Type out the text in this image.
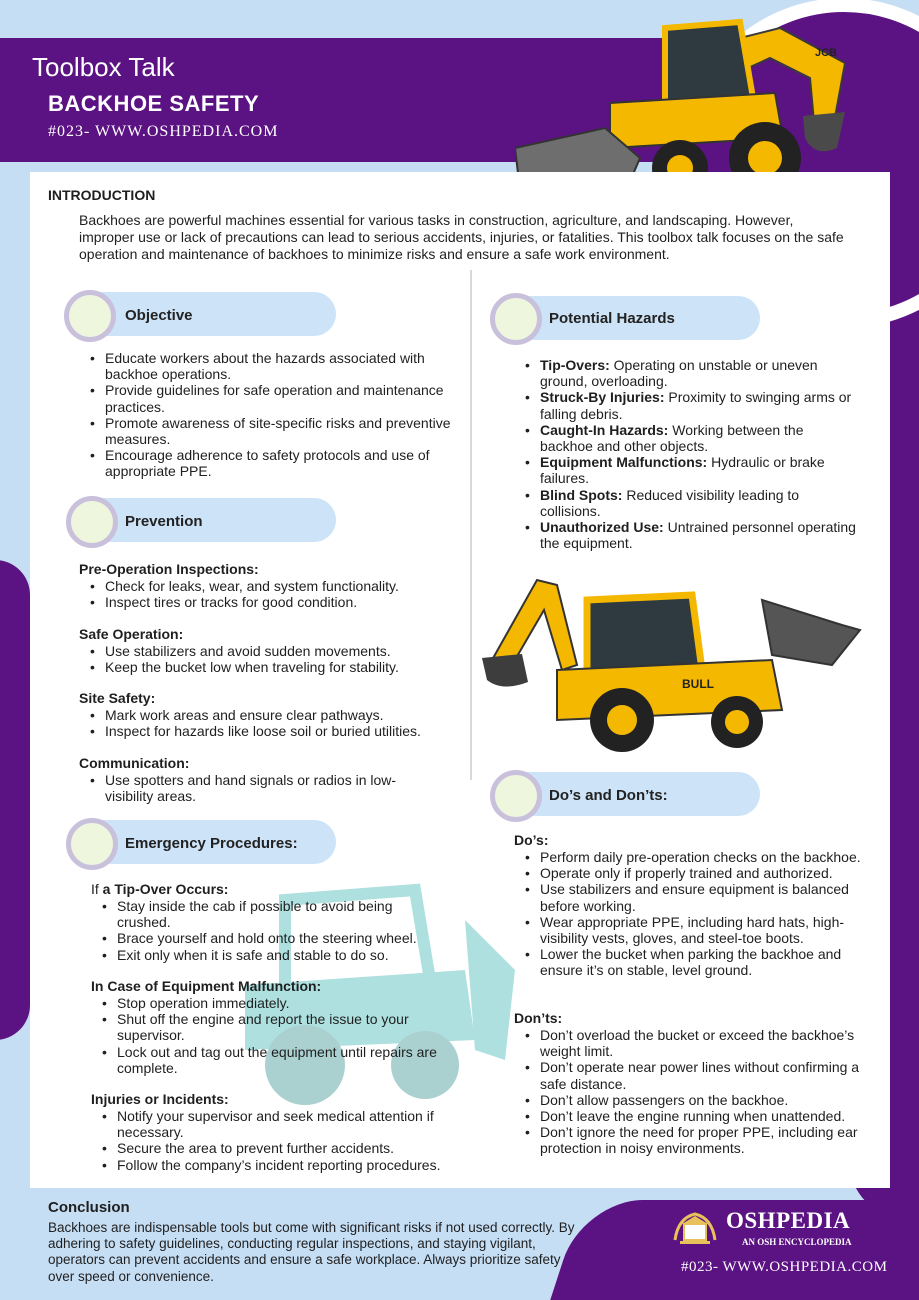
Toolbox Talk
BACKHOE SAFETY
#023- WWW.OSHPEDIA.COM
JCB
INTRODUCTION
Backhoes are powerful machines essential for various tasks in construction, agriculture, and landscaping. However, improper use or lack of precautions can lead to serious accidents, injuries, or fatalities. This toolbox talk focuses on the safe operation and maintenance of backhoes to minimize risks and ensure a safe work environment.
Objective
• Educate workers about the hazards associated with backhoe operations.
• Provide guidelines for safe operation and maintenance practices.
• Promote awareness of site-specific risks and preventive measures.
• Encourage adherence to safety protocols and use of appropriate PPE.
Potential Hazards
• Tip-Overs: Operating on unstable or uneven ground, overloading.
• Struck-By Injuries: Proximity to swinging arms or falling debris.
• Caught-In Hazards: Working between the backhoe and other objects.
• Equipment Malfunctions: Hydraulic or brake failures.
• Blind Spots: Reduced visibility leading to collisions.
• Unauthorized Use: Untrained personnel operating the equipment.
BULL
Prevention
Pre-Operation Inspections:
• Check for leaks, wear, and system functionality.
• Inspect tires or tracks for good condition.
Safe Operation:
• Use stabilizers and avoid sudden movements.
• Keep the bucket low when traveling for stability.
Site Safety:
• Mark work areas and ensure clear pathways.
• Inspect for hazards like loose soil or buried utilities.
Communication:
• Use spotters and hand signals or radios in low-visibility areas.
Emergency Procedures:
If a Tip-Over Occurs:
• Stay inside the cab if possible to avoid being crushed.
• Brace yourself and hold onto the steering wheel.
• Exit only when it is safe and stable to do so.
In Case of Equipment Malfunction:
• Stop operation immediately.
• Shut off the engine and report the issue to your supervisor.
• Lock out and tag out the equipment until repairs are complete.
Injuries or Incidents:
• Notify your supervisor and seek medical attention if necessary.
• Secure the area to prevent further accidents.
• Follow the company’s incident reporting procedures.
Do’s and Don’ts:
Do’s:
• Perform daily pre-operation checks on the backhoe.
• Operate only if properly trained and authorized.
• Use stabilizers and ensure equipment is balanced before working.
• Wear appropriate PPE, including hard hats, high-visibility vests, gloves, and steel-toe boots.
• Lower the bucket when parking the backhoe and ensure it’s on stable, level ground.
Don’ts:
• Don’t overload the bucket or exceed the backhoe’s weight limit.
• Don’t operate near power lines without confirming a safe distance.
• Don’t allow passengers on the backhoe.
• Don’t leave the engine running when unattended.
• Don’t ignore the need for proper PPE, including ear protection in noisy environments.
Conclusion
Backhoes are indispensable tools but come with significant risks if not used correctly. By adhering to safety guidelines, conducting regular inspections, and staying vigilant, operators can prevent accidents and ensure a safe workplace. Always prioritize safety over speed or convenience.
OSHPEDIA
AN OSH ENCYCLOPEDIA
#023- WWW.OSHPEDIA.COM
